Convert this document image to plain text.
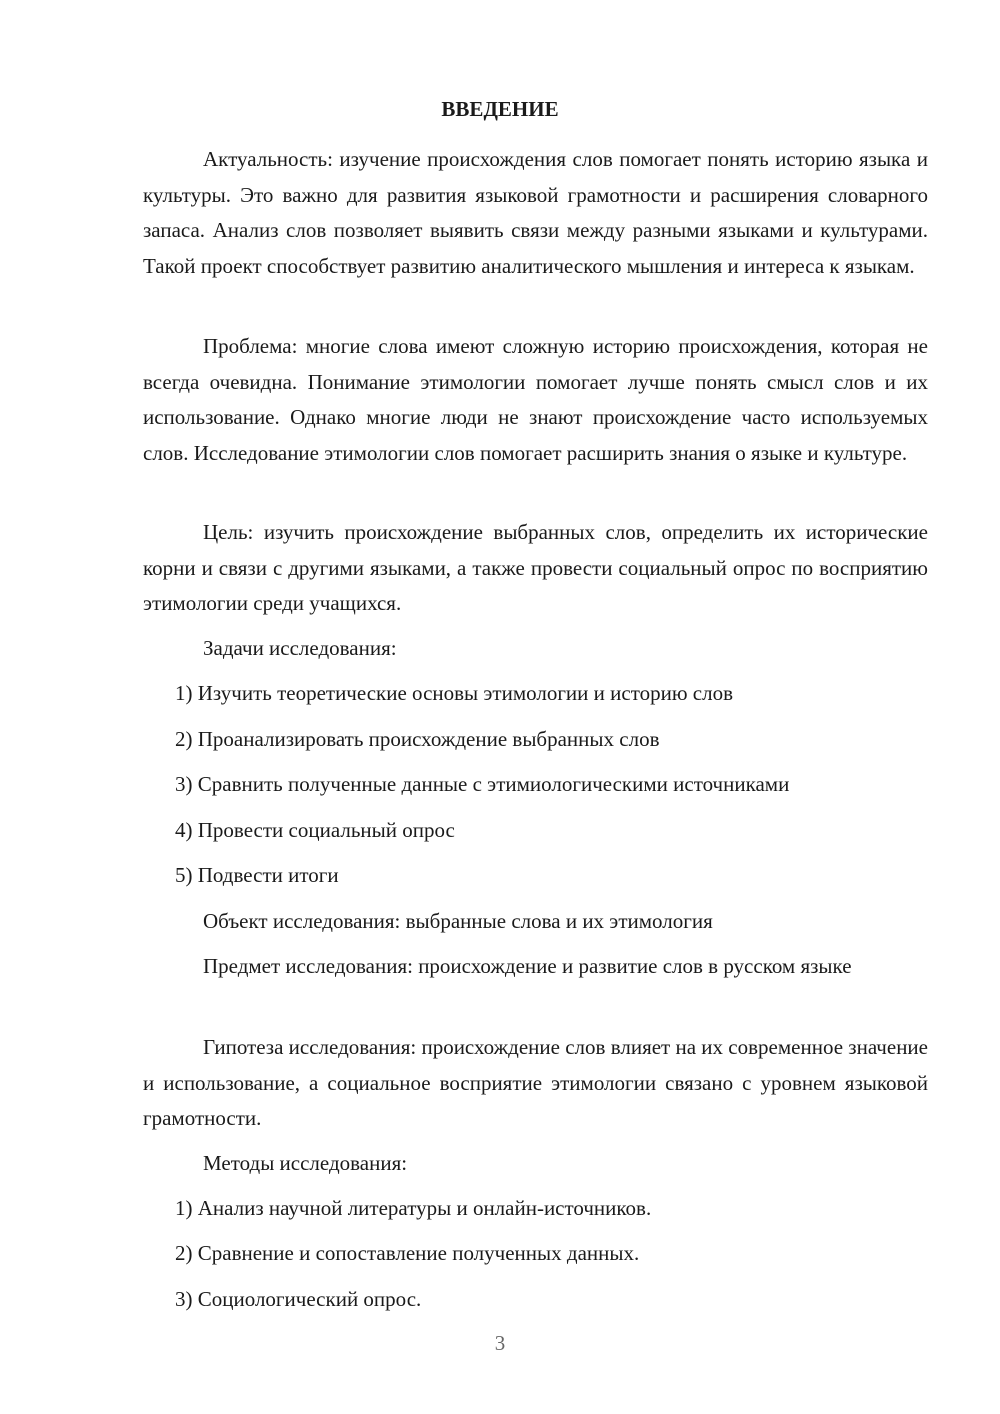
ВВЕДЕНИЕ

Актуальность: изучение происхождения слов помогает понять историю языка и культуры. Это важно для развития языковой грамотности и расширения словарного запаса. Анализ слов позволяет выявить связи между разными языками и культурами. Такой проект способствует развитию аналитического мышления и интереса к языкам.

Проблема: многие слова имеют сложную историю происхождения, которая не всегда очевидна. Понимание этимологии помогает лучше понять смысл слов и их использование. Однако многие люди не знают происхождение часто используемых слов. Исследование этимологии слов помогает расширить знания о языке и культуре.

Цель: изучить происхождение выбранных слов, определить их исторические корни и связи с другими языками, а также провести социальный опрос по восприятию этимологии среди учащихся.

Задачи исследования:

1) Изучить теоретические основы этимологии и историю слов

2) Проанализировать происхождение выбранных слов

3) Сравнить полученные данные с этимиологическими источниками

4) Провести социальный опрос

5) Подвести итоги

Объект исследования: выбранные слова и их этимология

Предмет исследования: происхождение и развитие слов в русском языке

Гипотеза исследования: происхождение слов влияет на их современное значение и использование, а социальное восприятие этимологии связано с уровнем языковой грамотности.

Методы исследования:

1) Анализ научной литературы и онлайн-источников.

2) Сравнение и сопоставление полученных данных.

3) Социологический опрос.

3
